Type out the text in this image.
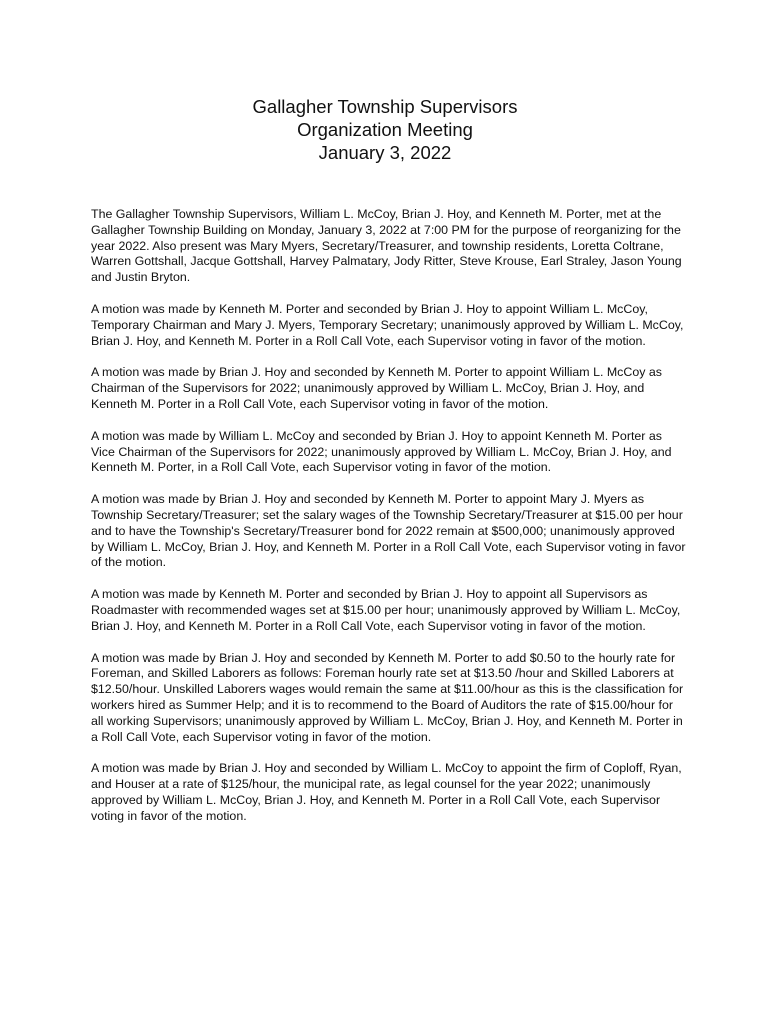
Gallagher Township Supervisors
Organization Meeting
January 3, 2022

The Gallagher Township Supervisors, William L. McCoy, Brian J. Hoy, and Kenneth M. Porter, met at the Gallagher Township Building on Monday, January 3, 2022 at 7:00 PM for the purpose of reorganizing for the year 2022. Also present was Mary Myers, Secretary/Treasurer, and township residents, Loretta Coltrane, Warren Gottshall, Jacque Gottshall, Harvey Palmatary, Jody Ritter, Steve Krouse, Earl Straley, Jason Young and Justin Bryton.

A motion was made by Kenneth M. Porter and seconded by Brian J. Hoy to appoint William L. McCoy, Temporary Chairman and Mary J. Myers, Temporary Secretary; unanimously approved by William L. McCoy, Brian J. Hoy, and Kenneth M. Porter in a Roll Call Vote, each Supervisor voting in favor of the motion.

A motion was made by Brian J. Hoy and seconded by Kenneth M. Porter to appoint William L. McCoy as Chairman of the Supervisors for 2022; unanimously approved by William L. McCoy, Brian J. Hoy, and Kenneth M. Porter in a Roll Call Vote, each Supervisor voting in favor of the motion.

A motion was made by William L. McCoy and seconded by Brian J. Hoy to appoint Kenneth M. Porter as Vice Chairman of the Supervisors for 2022; unanimously approved by William L. McCoy, Brian J. Hoy, and Kenneth M. Porter, in a Roll Call Vote, each Supervisor voting in favor of the motion.

A motion was made by Brian J. Hoy and seconded by Kenneth M. Porter to appoint Mary J. Myers as Township Secretary/Treasurer; set the salary wages of the Township Secretary/Treasurer at $15.00 per hour and to have the Township's Secretary/Treasurer bond for 2022 remain at $500,000; unanimously approved by William L. McCoy, Brian J. Hoy, and Kenneth M. Porter in a Roll Call Vote, each Supervisor voting in favor of the motion.

A motion was made by Kenneth M. Porter and seconded by Brian J. Hoy to appoint all Supervisors as Roadmaster with recommended wages set at $15.00 per hour; unanimously approved by William L. McCoy, Brian J. Hoy, and Kenneth M. Porter in a Roll Call Vote, each Supervisor voting in favor of the motion.

A motion was made by Brian J. Hoy and seconded by Kenneth M. Porter to add $0.50 to the hourly rate for Foreman, and Skilled Laborers as follows: Foreman hourly rate set at $13.50 /hour and Skilled Laborers at $12.50/hour. Unskilled Laborers wages would remain the same at $11.00/hour as this is the classification for workers hired as Summer Help; and it is to recommend to the Board of Auditors the rate of $15.00/hour for all working Supervisors; unanimously approved by William L. McCoy, Brian J. Hoy, and Kenneth M. Porter in a Roll Call Vote, each Supervisor voting in favor of the motion.

A motion was made by Brian J. Hoy and seconded by William L. McCoy to appoint the firm of Coploff, Ryan, and Houser at a rate of $125/hour, the municipal rate, as legal counsel for the year 2022; unanimously approved by William L. McCoy, Brian J. Hoy, and Kenneth M. Porter in a Roll Call Vote, each Supervisor voting in favor of the motion.
